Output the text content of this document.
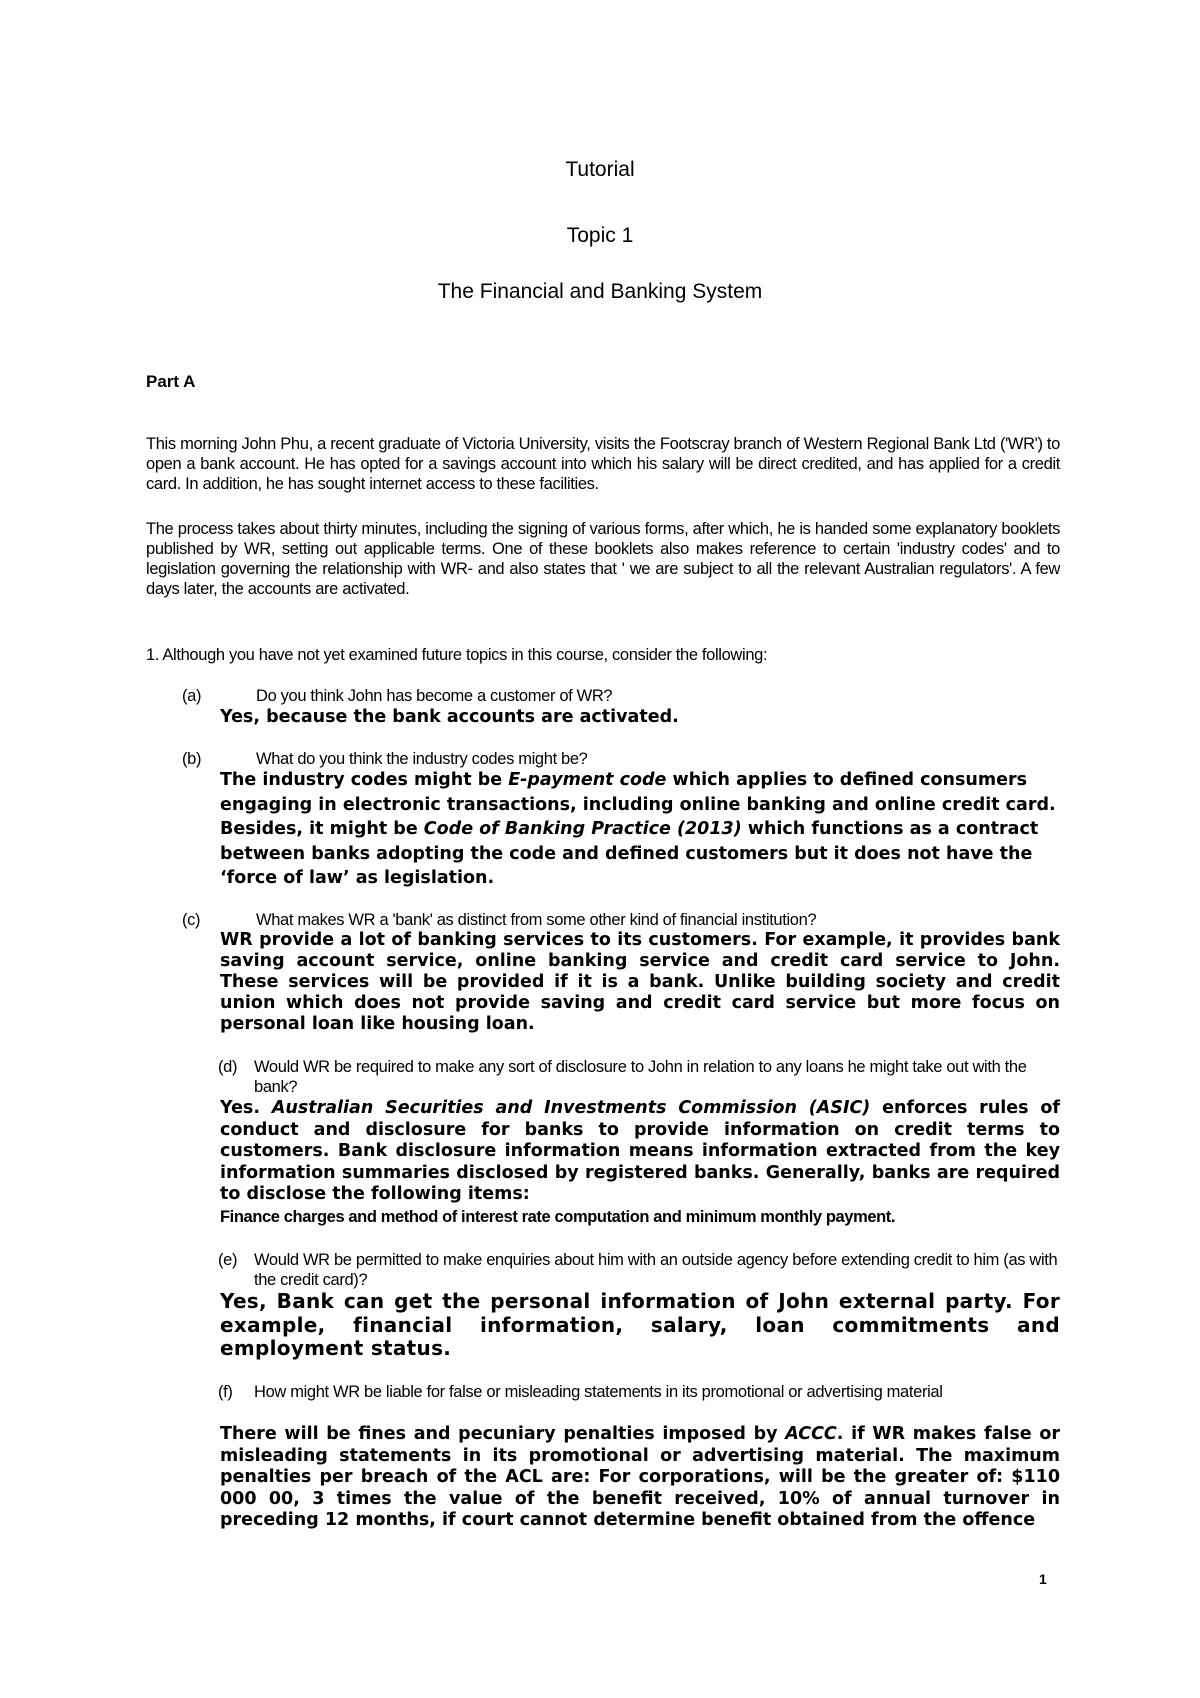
Tutorial
Topic 1
The Financial and Banking System
Part A

This morning John Phu, a recent graduate of Victoria University, visits the Footscray branch of Western Regional Bank Ltd ('WR') to open a bank account. He has opted for a savings account into which his salary will be direct credited, and has applied for a credit card. In addition, he has sought internet access to these facilities.

The process takes about thirty minutes, including the signing of various forms, after which, he is handed some explanatory booklets published by WR, setting out applicable terms. One of these booklets also makes reference to certain 'industry codes' and to legislation governing the relationship with WR- and also states that ' we are subject to all the relevant Australian regulators'. A few days later, the accounts are activated.

1. Although you have not yet examined future topics in this course, consider the following:
(a)	Do you think John has become a customer of WR?

Yes, because the bank accounts are activated.

(b)	What do you think the industry codes might be?

The industry codes might be E-payment code which applies to defined consumers engaging in electronic transactions, including online banking and online credit card. Besides, it might be Code of Banking Practice (2013) which functions as a contract between banks adopting the code and defined customers but it does not have the ‘force of law’ as legislation.

(c)	What makes WR a 'bank' as distinct from some other kind of financial institution?

WR provide a lot of banking services to its customers. For example, it provides bank saving account service, online banking service and credit card service to John. These services will be provided if it is a bank. Unlike building society and credit union which does not provide saving and credit card service but more focus on personal loan like housing loan.

(d) Would WR be required to make any sort of disclosure to John in relation to any loans he might take out with the bank?

Yes. Australian Securities and Investments Commission (ASIC) enforces rules of conduct and disclosure for banks to provide information on credit terms to customers. Bank disclosure information means information extracted from the key information summaries disclosed by registered banks. Generally, banks are required to disclose the following items:

Finance charges and method of interest rate computation and minimum monthly payment.
(e) Would WR be permitted to make enquiries about him with an outside agency before extending credit to him (as with the credit card)?

Yes, Bank can get the personal information of John external party. For example, financial information, salary, loan commitments and employment status.

(f) How might WR be liable for false or misleading statements in its promotional or advertising material

There will be fines and pecuniary penalties imposed by ACCC. if WR makes false or misleading statements in its promotional or advertising material. The maximum penalties per breach of the ACL are: For corporations, will be the greater of: $110 000 00, 3 times the value of the benefit received, 10% of annual turnover in preceding 12 months, if court cannot determine benefit obtained from the offence

1
